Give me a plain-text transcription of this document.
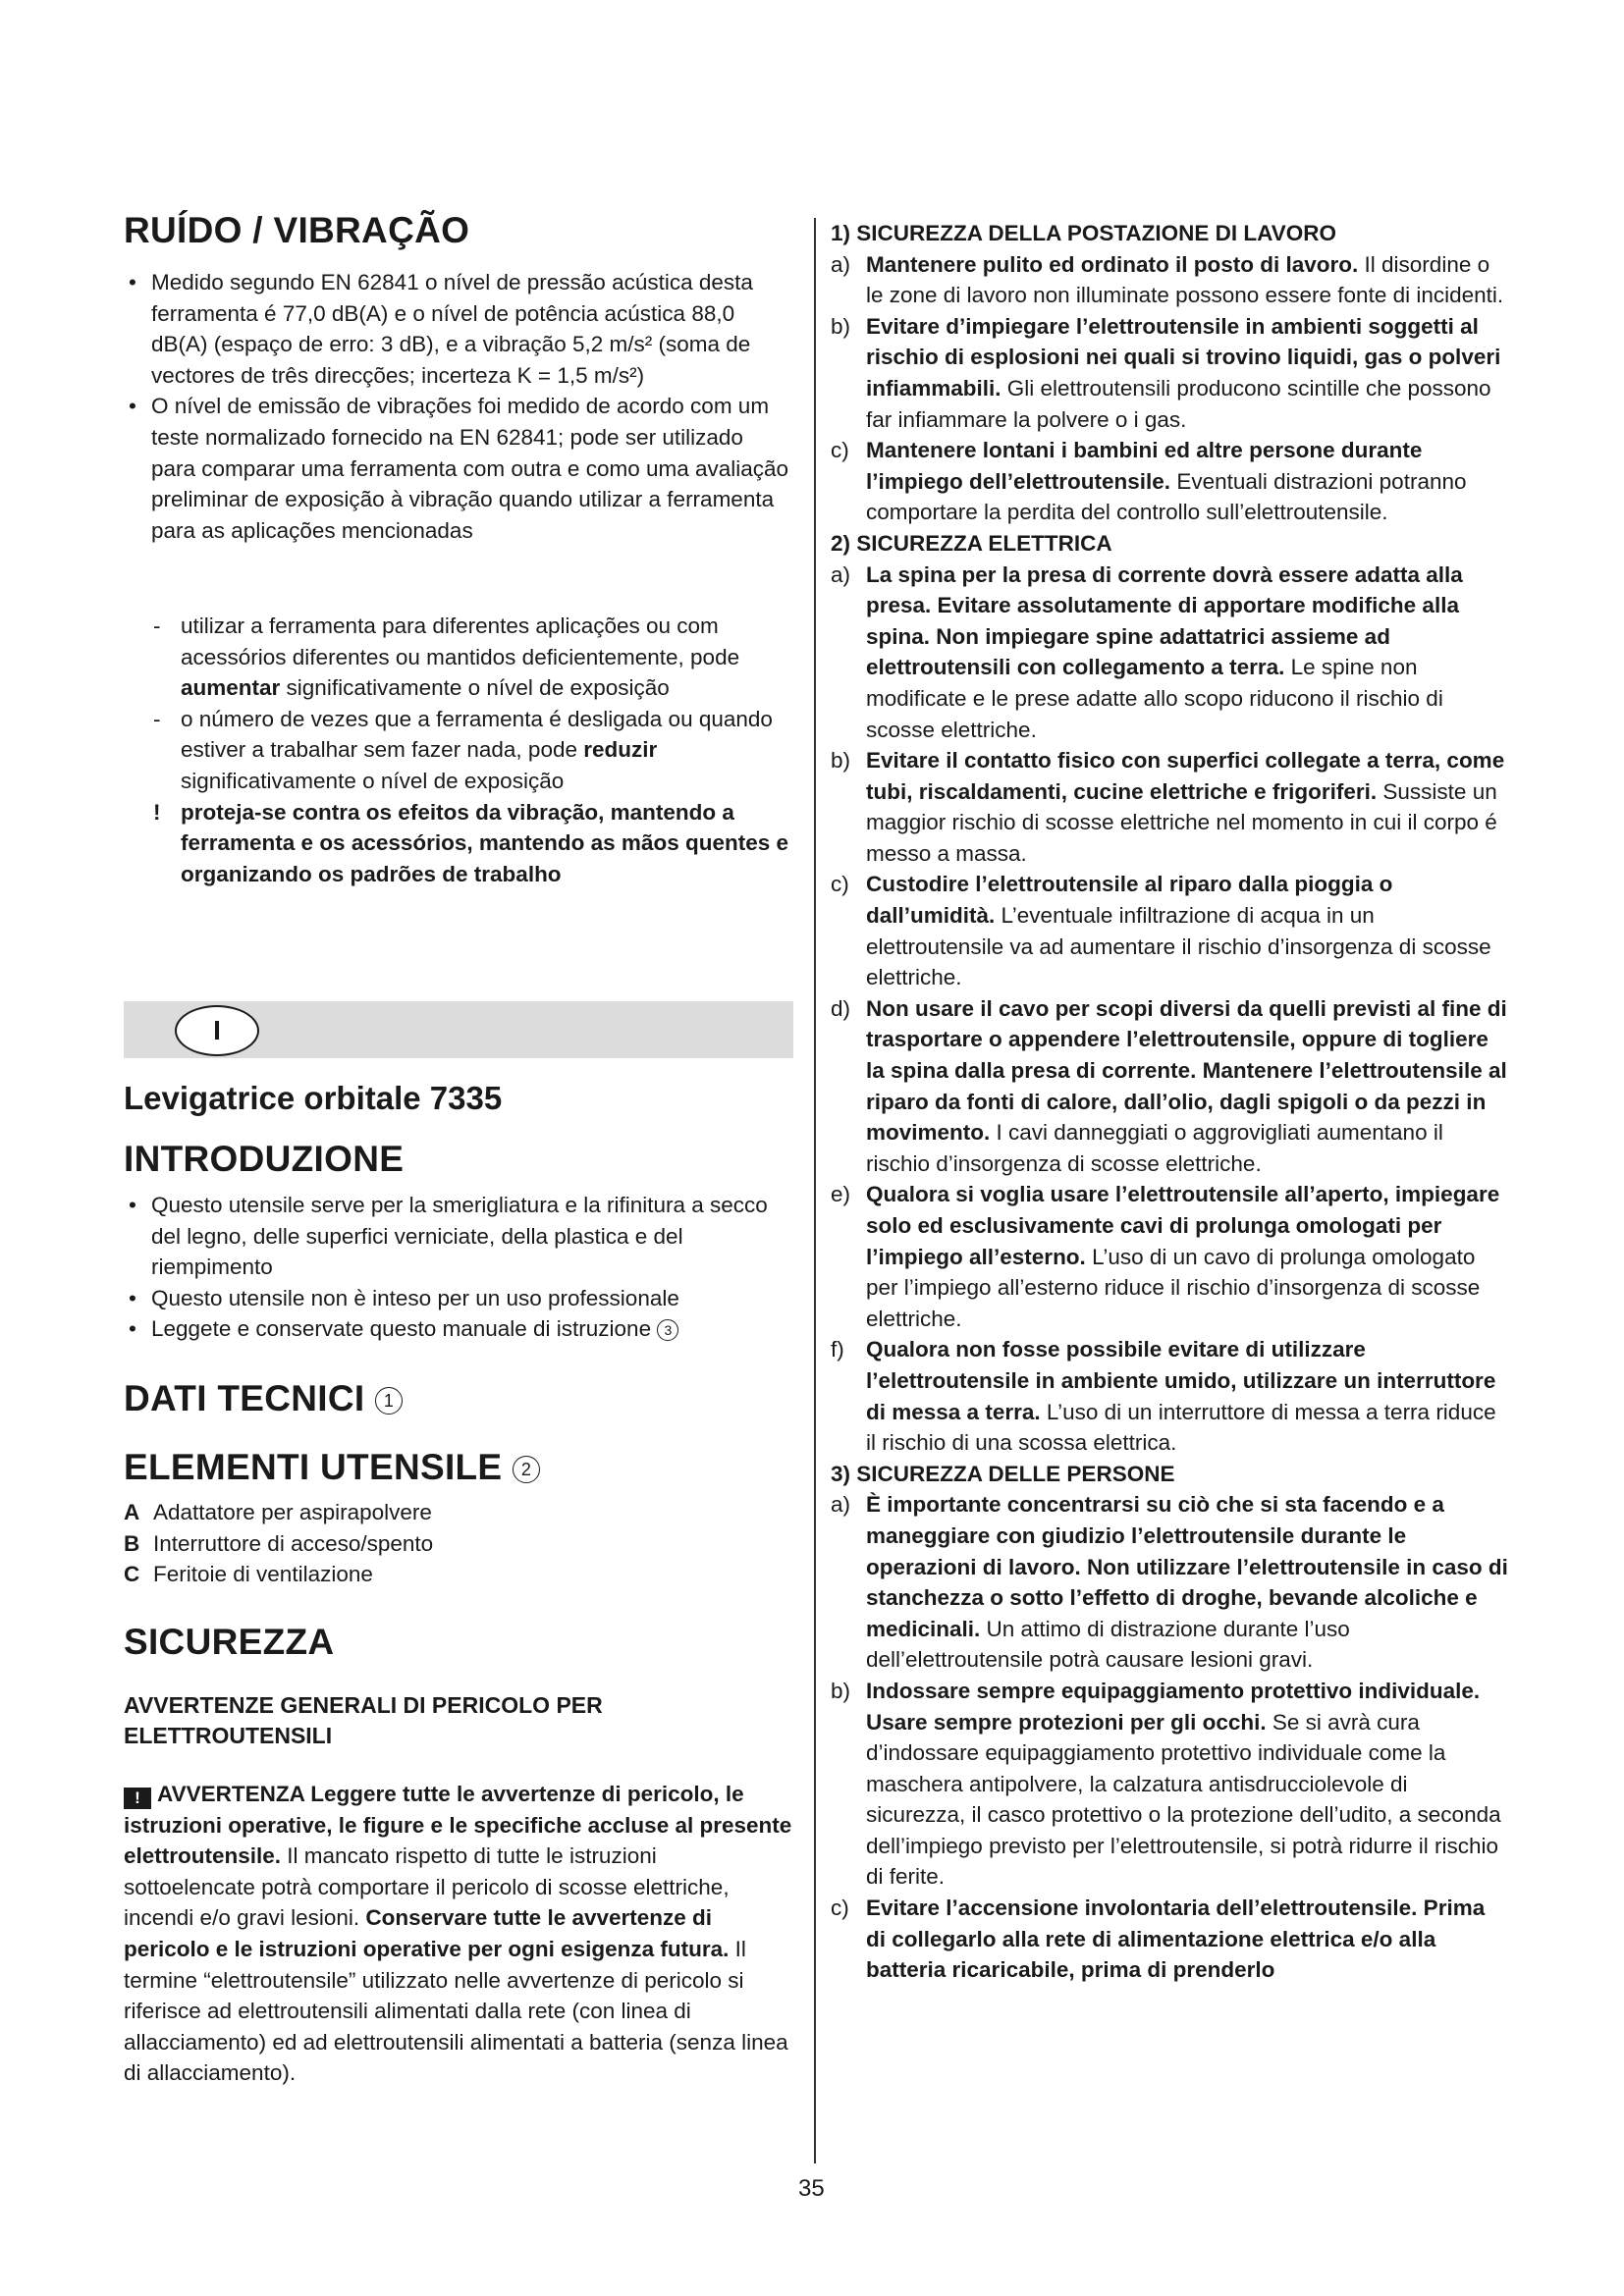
RUÍDO / VIBRAÇÃO
• Medido segundo EN 62841 o nível de pressão acústica desta ferramenta é 77,0 dB(A) e o nível de potência acústica 88,0 dB(A) (espaço de erro: 3 dB), e a vibração 5,2 m/s² (soma de vectores de três direcções; incerteza K = 1,5 m/s²)
• O nível de emissão de vibrações foi medido de acordo com um teste normalizado fornecido na EN 62841; pode ser utilizado para comparar uma ferramenta com outra e como uma avaliação preliminar de exposição à vibração quando utilizar a ferramenta para as aplicações mencionadas
- utilizar a ferramenta para diferentes aplicações ou com acessórios diferentes ou mantidos deficientemente, pode aumentar significativamente o nível de exposição
- o número de vezes que a ferramenta é desligada ou quando estiver a trabalhar sem fazer nada, pode reduzir significativamente o nível de exposição
! proteja-se contra os efeitos da vibração, mantendo a ferramenta e os acessórios, mantendo as mãos quentes e organizando os padrões de trabalho
I
Levigatrice orbitale 7335
INTRODUZIONE
• Questo utensile serve per la smerigliatura e la rifinitura a secco del legno, delle superfici verniciate, della plastica e del riempimento
• Questo utensile non è inteso per un uso professionale
• Leggete e conservate questo manuale di istruzione 3
DATI TECNICI 1
ELEMENTI UTENSILE 2
A Adattatore per aspirapolvere
B Interruttore di acceso/spento
C Feritoie di ventilazione
SICUREZZA
AVVERTENZE GENERALI DI PERICOLO PER ELETTROUTENSILI
! AVVERTENZA Leggere tutte le avvertenze di pericolo, le istruzioni operative, le figure e le specifiche accluse al presente elettroutensile. Il mancato rispetto di tutte le istruzioni sottoelencate potrà comportare il pericolo di scosse elettriche, incendi e/o gravi lesioni. Conservare tutte le avvertenze di pericolo e le istruzioni operative per ogni esigenza futura. Il termine “elettroutensile” utilizzato nelle avvertenze di pericolo si riferisce ad elettroutensili alimentati dalla rete (con linea di allacciamento) ed ad elettroutensili alimentati a batteria (senza linea di allacciamento).
1) SICUREZZA DELLA POSTAZIONE DI LAVORO
a) Mantenere pulito ed ordinato il posto di lavoro. Il disordine o le zone di lavoro non illuminate possono essere fonte di incidenti.
b) Evitare d’impiegare l’elettroutensile in ambienti soggetti al rischio di esplosioni nei quali si trovino liquidi, gas o polveri infiammabili. Gli elettroutensili producono scintille che possono far infiammare la polvere o i gas.
c) Mantenere lontani i bambini ed altre persone durante l’impiego dell’elettroutensile. Eventuali distrazioni potranno comportare la perdita del controllo sull’elettroutensile.
2) SICUREZZA ELETTRICA
a) La spina per la presa di corrente dovrà essere adatta alla presa. Evitare assolutamente di apportare modifiche alla spina. Non impiegare spine adattatrici assieme ad elettroutensili con collegamento a terra. Le spine non modificate e le prese adatte allo scopo riducono il rischio di scosse elettriche.
b) Evitare il contatto fisico con superfici collegate a terra, come tubi, riscaldamenti, cucine elettriche e frigoriferi. Sussiste un maggior rischio di scosse elettriche nel momento in cui il corpo é messo a massa.
c) Custodire l’elettroutensile al riparo dalla pioggia o dall’umidità. L’eventuale infiltrazione di acqua in un elettroutensile va ad aumentare il rischio d’insorgenza di scosse elettriche.
d) Non usare il cavo per scopi diversi da quelli previsti al fine di trasportare o appendere l’elettroutensile, oppure di togliere la spina dalla presa di corrente. Mantenere l’elettroutensile al riparo da fonti di calore, dall’olio, dagli spigoli o da pezzi in movimento. I cavi danneggiati o aggrovigliati aumentano il rischio d’insorgenza di scosse elettriche.
e) Qualora si voglia usare l’elettroutensile all’aperto, impiegare solo ed esclusivamente cavi di prolunga omologati per l’impiego all’esterno. L’uso di un cavo di prolunga omologato per l’impiego all’esterno riduce il rischio d’insorgenza di scosse elettriche.
f) Qualora non fosse possibile evitare di utilizzare l’elettroutensile in ambiente umido, utilizzare un interruttore di messa a terra. L’uso di un interruttore di messa a terra riduce il rischio di una scossa elettrica.
3) SICUREZZA DELLE PERSONE
a) È importante concentrarsi su ciò che si sta facendo e a maneggiare con giudizio l’elettroutensile durante le operazioni di lavoro. Non utilizzare l’elettroutensile in caso di stanchezza o sotto l’effetto di droghe, bevande alcoliche e medicinali. Un attimo di distrazione durante l’uso dell’elettroutensile potrà causare lesioni gravi.
b) Indossare sempre equipaggiamento protettivo individuale. Usare sempre protezioni per gli occhi. Se si avrà cura d’indossare equipaggiamento protettivo individuale come la maschera antipolvere, la calzatura antisdrucciolevole di sicurezza, il casco protettivo o la protezione dell’udito, a seconda dell’impiego previsto per l’elettroutensile, si potrà ridurre il rischio di ferite.
c) Evitare l’accensione involontaria dell’elettroutensile. Prima di collegarlo alla rete di alimentazione elettrica e/o alla batteria ricaricabile, prima di prenderlo
35
